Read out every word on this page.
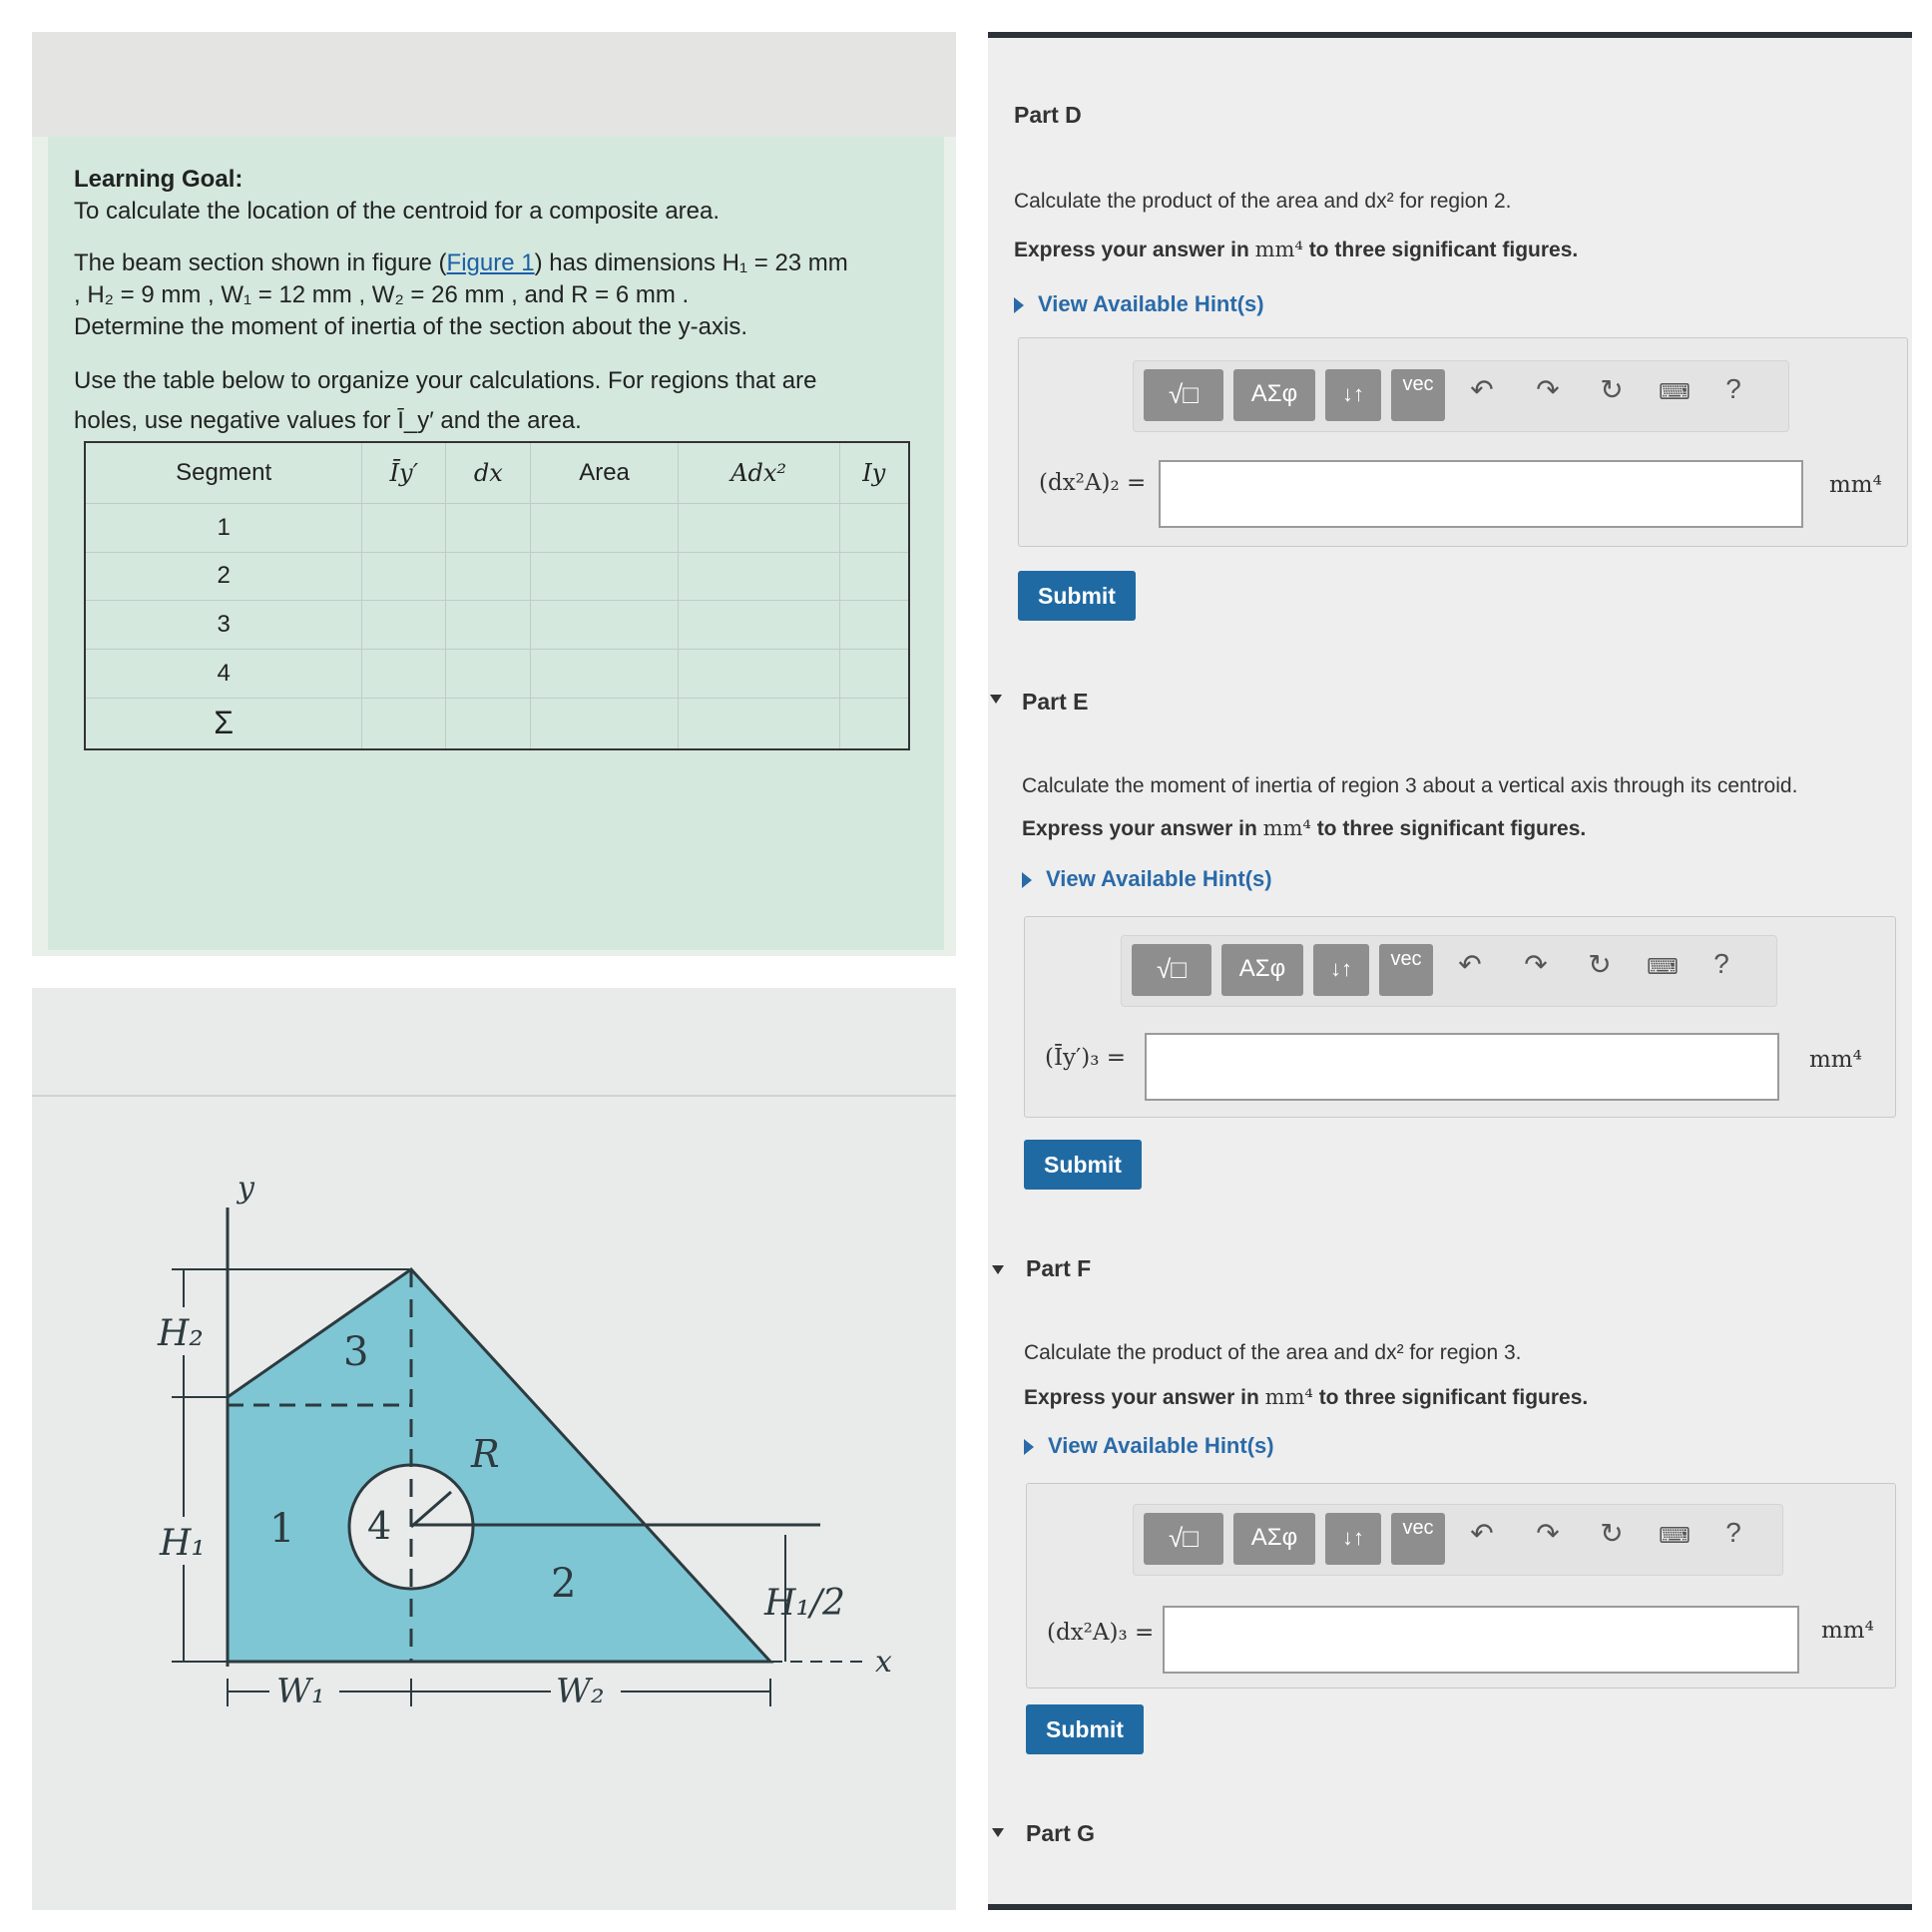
Learning Goal:
To calculate the location of the centroid for a composite area.
The beam section shown in figure (Figure 1) has dimensions H₁ = 23 mm
, H₂ = 9 mm , W₁ = 12 mm , W₂ = 26 mm , and R = 6 mm .
Determine the moment of inertia of the section about the y-axis.
Use the table below to organize your calculations. For regions that are
holes, use negative values for Ī_y′ and the area.
Segment	Īy′	dx	Area	Adx²	Iy
1					
2					
3					
4					
Σ					
y
x
H₂
H₁
W₁	W₂
R
H₁/2
1
2
3
4
Part D
Calculate the product of the area and dx² for region 2.
Express your answer in mm⁴ to three significant figures.
View Available Hint(s)
√□	ΑΣφ	↓↑	vec	↶ ↷ ↻ ⌨	?
(dx²A)₂ =	mm⁴
Submit
Part E
Calculate the moment of inertia of region 3 about a vertical axis through its centroid.
Express your answer in mm⁴ to three significant figures.
View Available Hint(s)
√□	ΑΣφ	↓↑	vec	↶ ↷ ↻ ⌨	?
(Īy′)₃ =	mm⁴
Submit
Part F
Calculate the product of the area and dx² for region 3.
Express your answer in mm⁴ to three significant figures.
View Available Hint(s)
√□	ΑΣφ	↓↑	vec	↶ ↷ ↻ ⌨	?
(dx²A)₃ =	mm⁴
Submit
Part G
